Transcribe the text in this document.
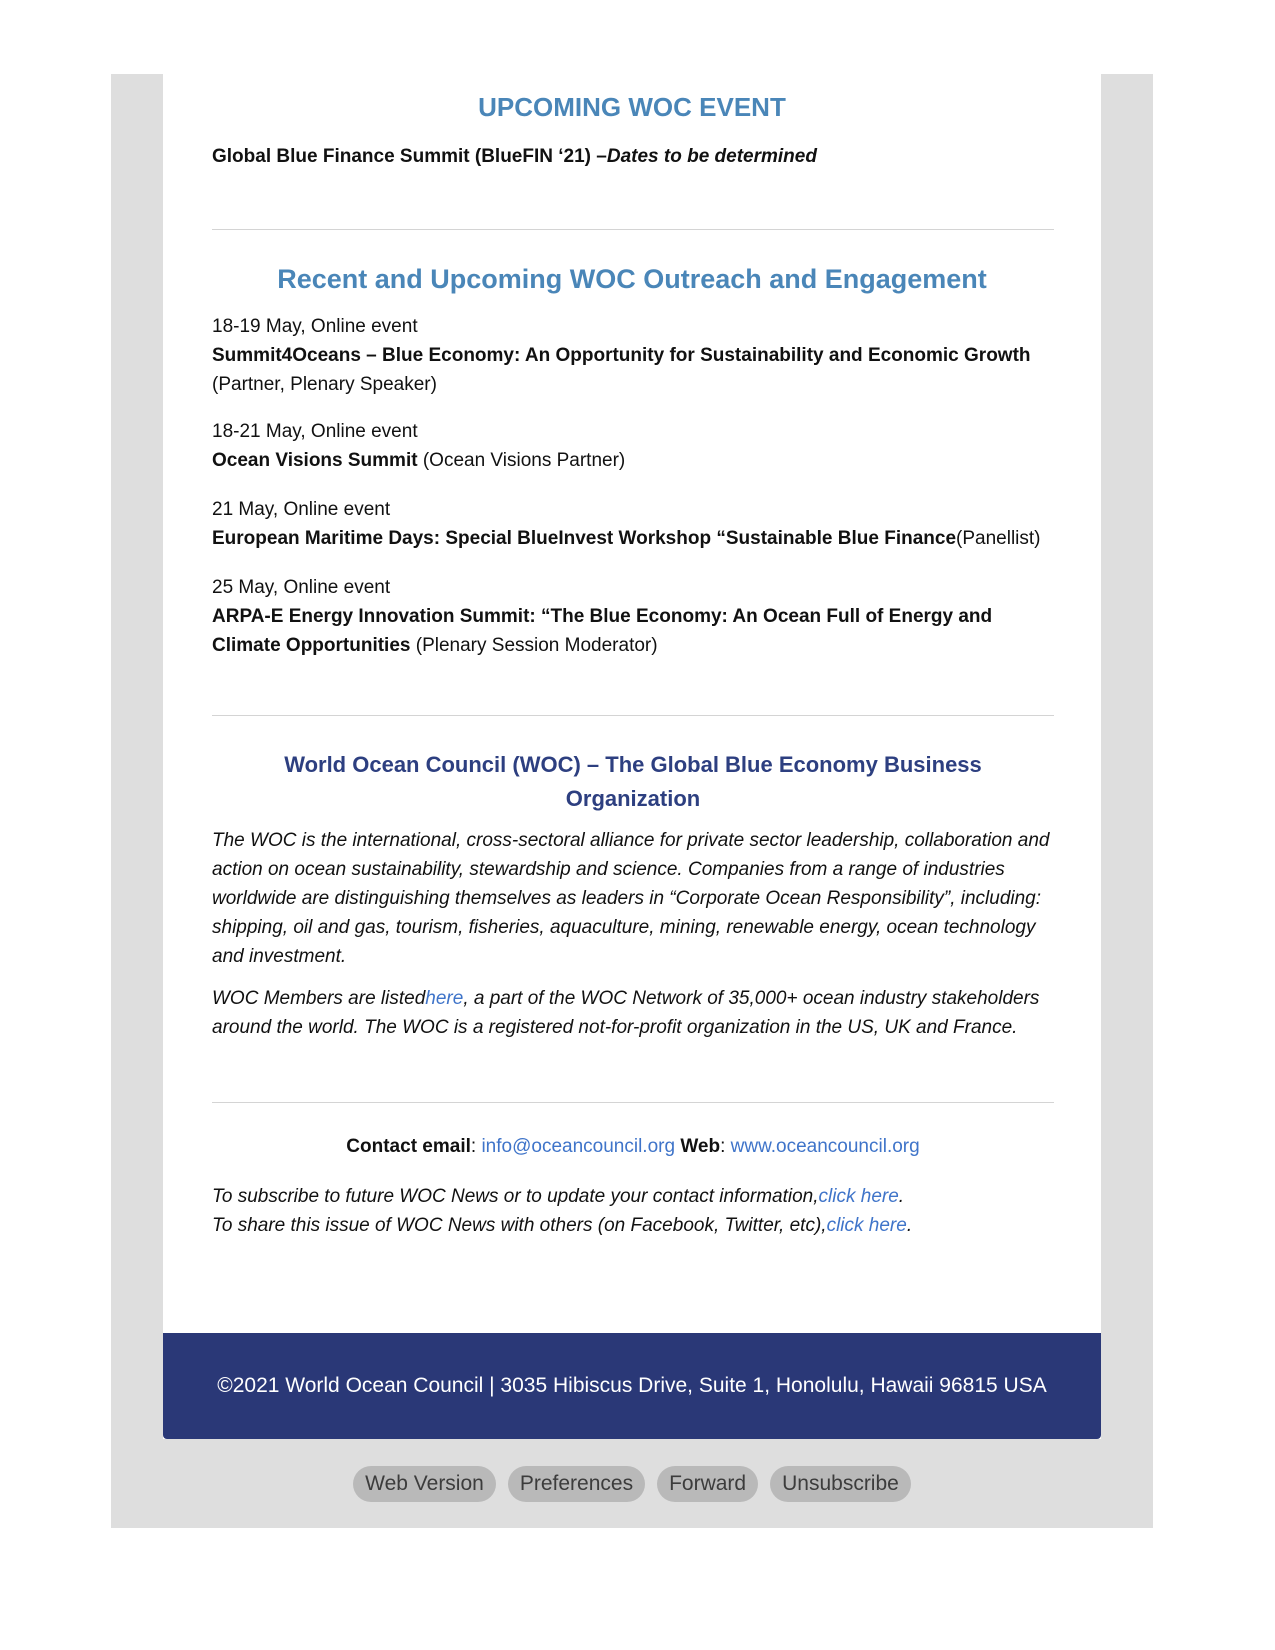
UPCOMING WOC EVENT
Global Blue Finance Summit (BlueFIN ‘21) –Dates to be determined
Recent and Upcoming WOC Outreach and Engagement
18-19 May, Online event
Summit4Oceans – Blue Economy: An Opportunity for Sustainability and Economic Growth
(Partner, Plenary Speaker)
18-21 May, Online event
Ocean Visions Summit (Ocean Visions Partner)
21 May, Online event
European Maritime Days: Special BlueInvest Workshop “Sustainable Blue Finance(Panellist)
25 May, Online event
ARPA-E Energy Innovation Summit: “The Blue Economy: An Ocean Full of Energy and
Climate Opportunities (Plenary Session Moderator)
World Ocean Council (WOC) – The Global Blue Economy Business Organization
The WOC is the international, cross-sectoral alliance for private sector leadership, collaboration and action on ocean sustainability, stewardship and science. Companies from a range of industries worldwide are distinguishing themselves as leaders in “Corporate Ocean Responsibility”, including: shipping, oil and gas, tourism, fisheries, aquaculture, mining, renewable energy, ocean technology and investment.
WOC Members are listedhere, a part of the WOC Network of 35,000+ ocean industry stakeholders around the world. The WOC is a registered not-for-profit organization in the US, UK and France.
Contact email: info@oceancouncil.org Web: www.oceancouncil.org
To subscribe to future WOC News or to update your contact information,click here.
To share this issue of WOC News with others (on Facebook, Twitter, etc),click here.
©2021 World Ocean Council | 3035 Hibiscus Drive, Suite 1, Honolulu, Hawaii 96815 USA
Web Version Preferences Forward Unsubscribe
